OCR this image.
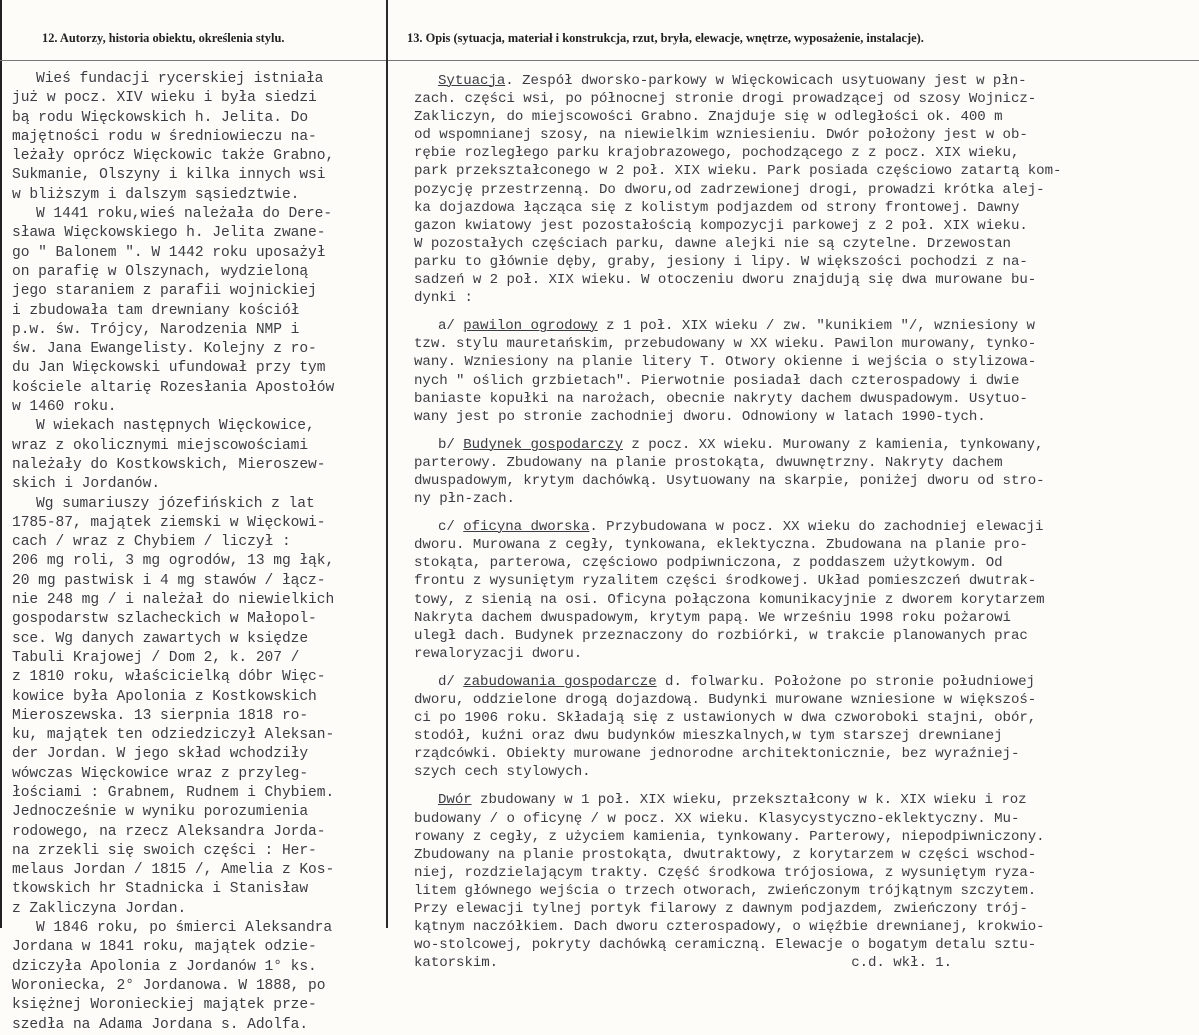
12. Autorzy, historia obiektu, określenia stylu.	13. Opis (sytuacja, materiał i konstrukcja, rzut, bryła, elewacje, wnętrze, wyposażenie, instalacje).
Wieś fundacji rycerskiej istniała
już w pocz. XIV wieku i była siedzi
bą rodu Więckowskich h. Jelita. Do
majętności rodu w średniowieczu na-
leżały oprócz Więckowic także Grabno,
Sukmanie, Olszyny i kilka innych wsi
w bliższym i dalszym sąsiedztwie.
W 1441 roku,wieś należała do Dere-
sława Więckowskiego h. Jelita zwane-
go " Balonem ". W 1442 roku uposażył
on parafię w Olszynach, wydzieloną
jego staraniem z parafii wojnickiej
i zbudowała tam drewniany kościół
p.w. św. Trójcy, Narodzenia NMP i
św. Jana Ewangelisty. Kolejny z ro-
du Jan Więckowski ufundował przy tym
kościele altarię Rozesłania Apostołów
w 1460 roku.
W wiekach następnych Więckowice,
wraz z okolicznymi miejscowościami
należały do Kostkowskich, Mieroszew-
skich i Jordanów.
Wg sumariuszy józefińskich z lat
1785-87, majątek ziemski w Więckowi-
cach / wraz z Chybiem / liczył :
206 mg roli, 3 mg ogrodów, 13 mg łąk,
20 mg pastwisk i 4 mg stawów / łącz-
nie 248 mg / i należał do niewielkich
gospodarstw szlacheckich w Małopol-
sce. Wg danych zawartych w księdze
Tabuli Krajowej / Dom 2, k. 207 /
z 1810 roku, właścicielką dóbr Więc-
kowice była Apolonia z Kostkowskich
Mieroszewska. 13 sierpnia 1818 ro-
ku, majątek ten odziedziczył Aleksan-
der Jordan. W jego skład wchodziły
wówczas Więckowice wraz z przyleg-
łościami : Grabnem, Rudnem i Chybiem.
Jednocześnie w wyniku porozumienia
rodowego, na rzecz Aleksandra Jorda-
na zrzekli się swoich części : Her-
melaus Jordan / 1815 /, Amelia z Kos-
tkowskich hr Stadnicka i Stanisław
z Zakliczyna Jordan.
W 1846 roku, po śmierci Aleksandra
Jordana w 1841 roku, majątek odzie-
dziczyła Apolonia z Jordanów 1° ks.
Woroniecka, 2° Jordanowa. W 1888, po
księżnej Woronieckiej majątek prze-
szedła na Adama Jordana s. Adolfa.
Sytuacja. Zespół dworsko-parkowy w Więckowicach usytuowany jest w płn-
zach. części wsi, po północnej stronie drogi prowadzącej od szosy Wojnicz-
Zakliczyn, do miejscowości Grabno. Znajduje się w odległości ok. 400 m
od wspomnianej szosy, na niewielkim wzniesieniu. Dwór położony jest w ob-
rębie rozległego parku krajobrazowego, pochodzącego z z pocz. XIX wieku,
park przekształconego w 2 poł. XIX wieku. Park posiada częściowo zatartą kom-
pozycję przestrzenną. Do dworu,od zadrzewionej drogi, prowadzi krótka alej-
ka dojazdowa łącząca się z kolistym podjazdem od strony frontowej. Dawny
gazon kwiatowy jest pozostałością kompozycji parkowej z 2 poł. XIX wieku.
W pozostałych częściach parku, dawne alejki nie są czytelne. Drzewostan
parku to głównie dęby, graby, jesiony i lipy. W większości pochodzi z na-
sadzeń w 2 poł. XIX wieku. W otoczeniu dworu znajdują się dwa murowane bu-
dynki :
a/ pawilon ogrodowy z 1 poł. XIX wieku / zw. "kunikiem "/, wzniesiony w
tzw. stylu mauretańskim, przebudowany w XX wieku. Pawilon murowany, tynko-
wany. Wzniesiony na planie litery T. Otwory okienne i wejścia o stylizowa-
nych " oślich grzbietach". Pierwotnie posiadał dach czterospadowy i dwie
baniaste kopułki na narożach, obecnie nakryty dachem dwuspadowym. Usytuo-
wany jest po stronie zachodniej dworu. Odnowiony w latach 1990-tych.
b/ Budynek gospodarczy z pocz. XX wieku. Murowany z kamienia, tynkowany,
parterowy. Zbudowany na planie prostokąta, dwuwnętrzny. Nakryty dachem
dwuspadowym, krytym dachówką. Usytuowany na skarpie, poniżej dworu od stro-
ny płn-zach.
c/ oficyna dworska. Przybudowana w pocz. XX wieku do zachodniej elewacji
dworu. Murowana z cegły, tynkowana, eklektyczna. Zbudowana na planie pro-
stokąta, parterowa, częściowo podpiwniczona, z poddaszem użytkowym. Od
frontu z wysuniętym ryzalitem części środkowej. Układ pomieszczeń dwutrak-
towy, z sienią na osi. Oficyna połączona komunikacyjnie z dworem korytarzem
Nakryta dachem dwuspadowym, krytym papą. We wrześniu 1998 roku pożarowi
uległ dach. Budynek przeznaczony do rozbiórki, w trakcie planowanych prac
rewaloryzacji dworu.
d/ zabudowania gospodarcze d. folwarku. Położone po stronie południowej
dworu, oddzielone drogą dojazdową. Budynki murowane wzniesione w większoś-
ci po 1906 roku. Składają się z ustawionych w dwa czworoboki stajni, obór,
stodół, kuźni oraz dwu budynków mieszkalnych,w tym starszej drewnianej
rządcówki. Obiekty murowane jednorodne architektonicznie, bez wyraźniej-
szych cech stylowych.
Dwór zbudowany w 1 poł. XIX wieku, przekształcony w k. XIX wieku i roz
budowany / o oficynę / w pocz. XX wieku. Klasycystyczno-eklektyczny. Mu-
rowany z cegły, z użyciem kamienia, tynkowany. Parterowy, niepodpiwniczony.
Zbudowany na planie prostokąta, dwutraktowy, z korytarzem w części wschod-
niej, rozdzielającym trakty. Część środkowa trójosiowa, z wysuniętym ryza-
litem głównego wejścia o trzech otworach, zwieńczonym trójkątnym szczytem.
Przy elewacji tylnej portyk filarowy z dawnym podjazdem, zwieńczony trój-
kątnym naczółkiem. Dach dworu czterospadowy, o więźbie drewnianej, krokwio-
wo-stolcowej, pokryty dachówką ceramiczną. Elewacje o bogatym detalu sztu-
katorskim.                                          c.d. wkł. 1.
